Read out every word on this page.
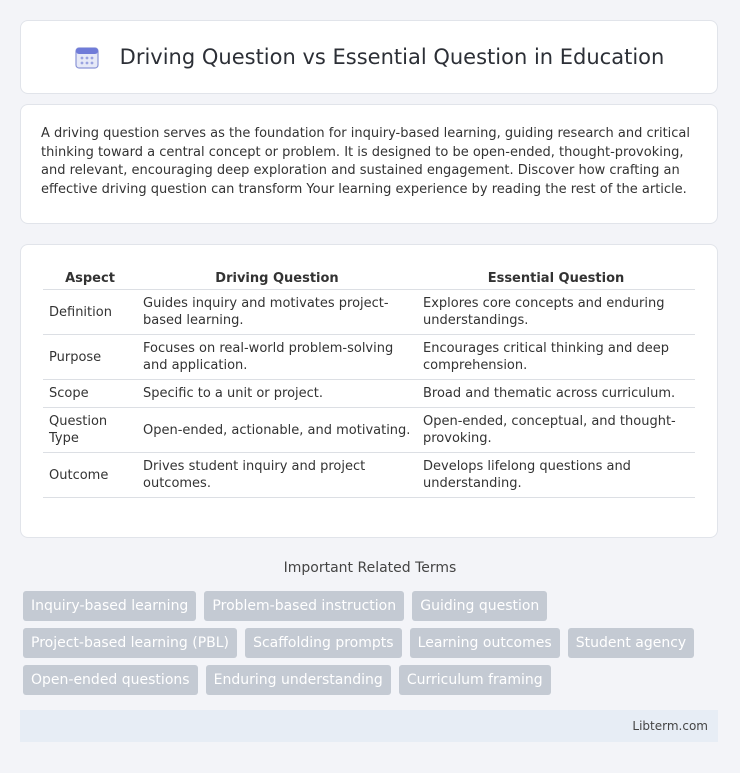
Driving Question vs Essential Question in Education

A driving question serves as the foundation for inquiry-based learning, guiding research and critical thinking toward a central concept or problem. It is designed to be open-ended, thought-provoking, and relevant, encouraging deep exploration and sustained engagement. Discover how crafting an effective driving question can transform Your learning experience by reading the rest of the article.

Aspect	Driving Question	Essential Question
Definition	Guides inquiry and motivates project-based learning.	Explores core concepts and enduring understandings.
Purpose	Focuses on real-world problem-solving and application.	Encourages critical thinking and deep comprehension.
Scope	Specific to a unit or project.	Broad and thematic across curriculum.
Question Type	Open-ended, actionable, and motivating.	Open-ended, conceptual, and thought-provoking.
Outcome	Drives student inquiry and project outcomes.	Develops lifelong questions and understanding.
Important Related Terms
Inquiry-based learning Problem-based instruction Guiding question Project-based learning (PBL) Scaffolding prompts Learning outcomes Student agency Open-ended questions Enduring understanding Curriculum framing
Libterm.com
